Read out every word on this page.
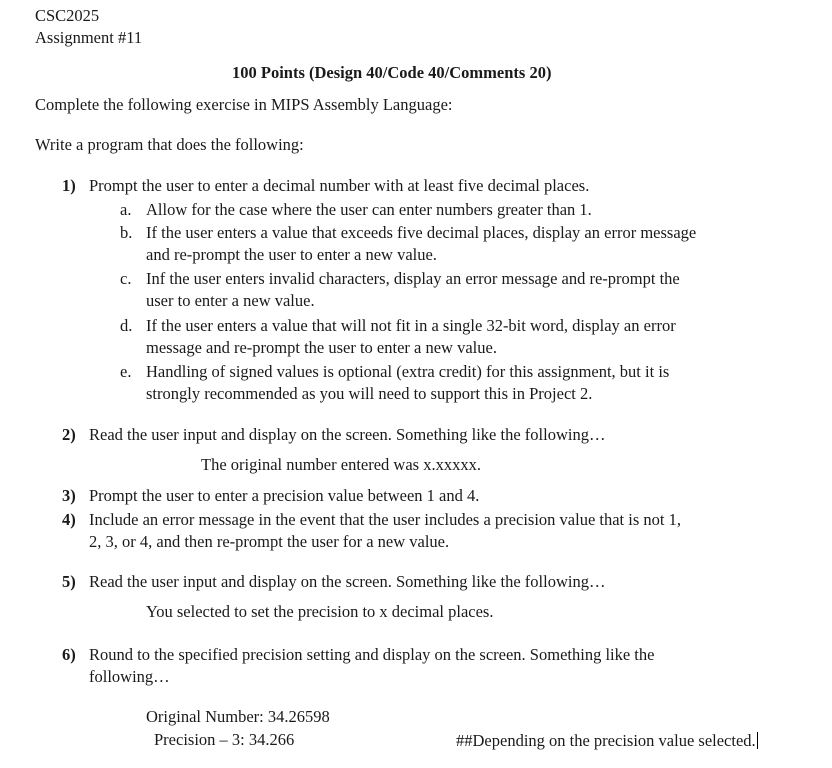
CSC2025
Assignment #11
100 Points (Design 40/Code 40/Comments 20)
Complete the following exercise in MIPS Assembly Language:
Write a program that does the following:
1) Prompt the user to enter a decimal number with at least five decimal places.
a. Allow for the case where the user can enter numbers greater than 1.
b. If the user enters a value that exceeds five decimal places, display an error message
and re-prompt the user to enter a new value.
c. Inf the user enters invalid characters, display an error message and re-prompt the
user to enter a new value.
d. If the user enters a value that will not fit in a single 32-bit word, display an error
message and re-prompt the user to enter a new value.
e. Handling of signed values is optional (extra credit) for this assignment, but it is
strongly recommended as you will need to support this in Project 2.
2) Read the user input and display on the screen. Something like the following…
The original number entered was x.xxxxx.
3) Prompt the user to enter a precision value between 1 and 4.
4) Include an error message in the event that the user includes a precision value that is not 1,
2, 3, or 4, and then re-prompt the user for a new value.
5) Read the user input and display on the screen. Something like the following…
You selected to set the precision to x decimal places.
6) Round to the specified precision setting and display on the screen. Something like the
following…
Original Number: 34.26598
Precision – 3: 34.266	##Depending on the precision value selected.
